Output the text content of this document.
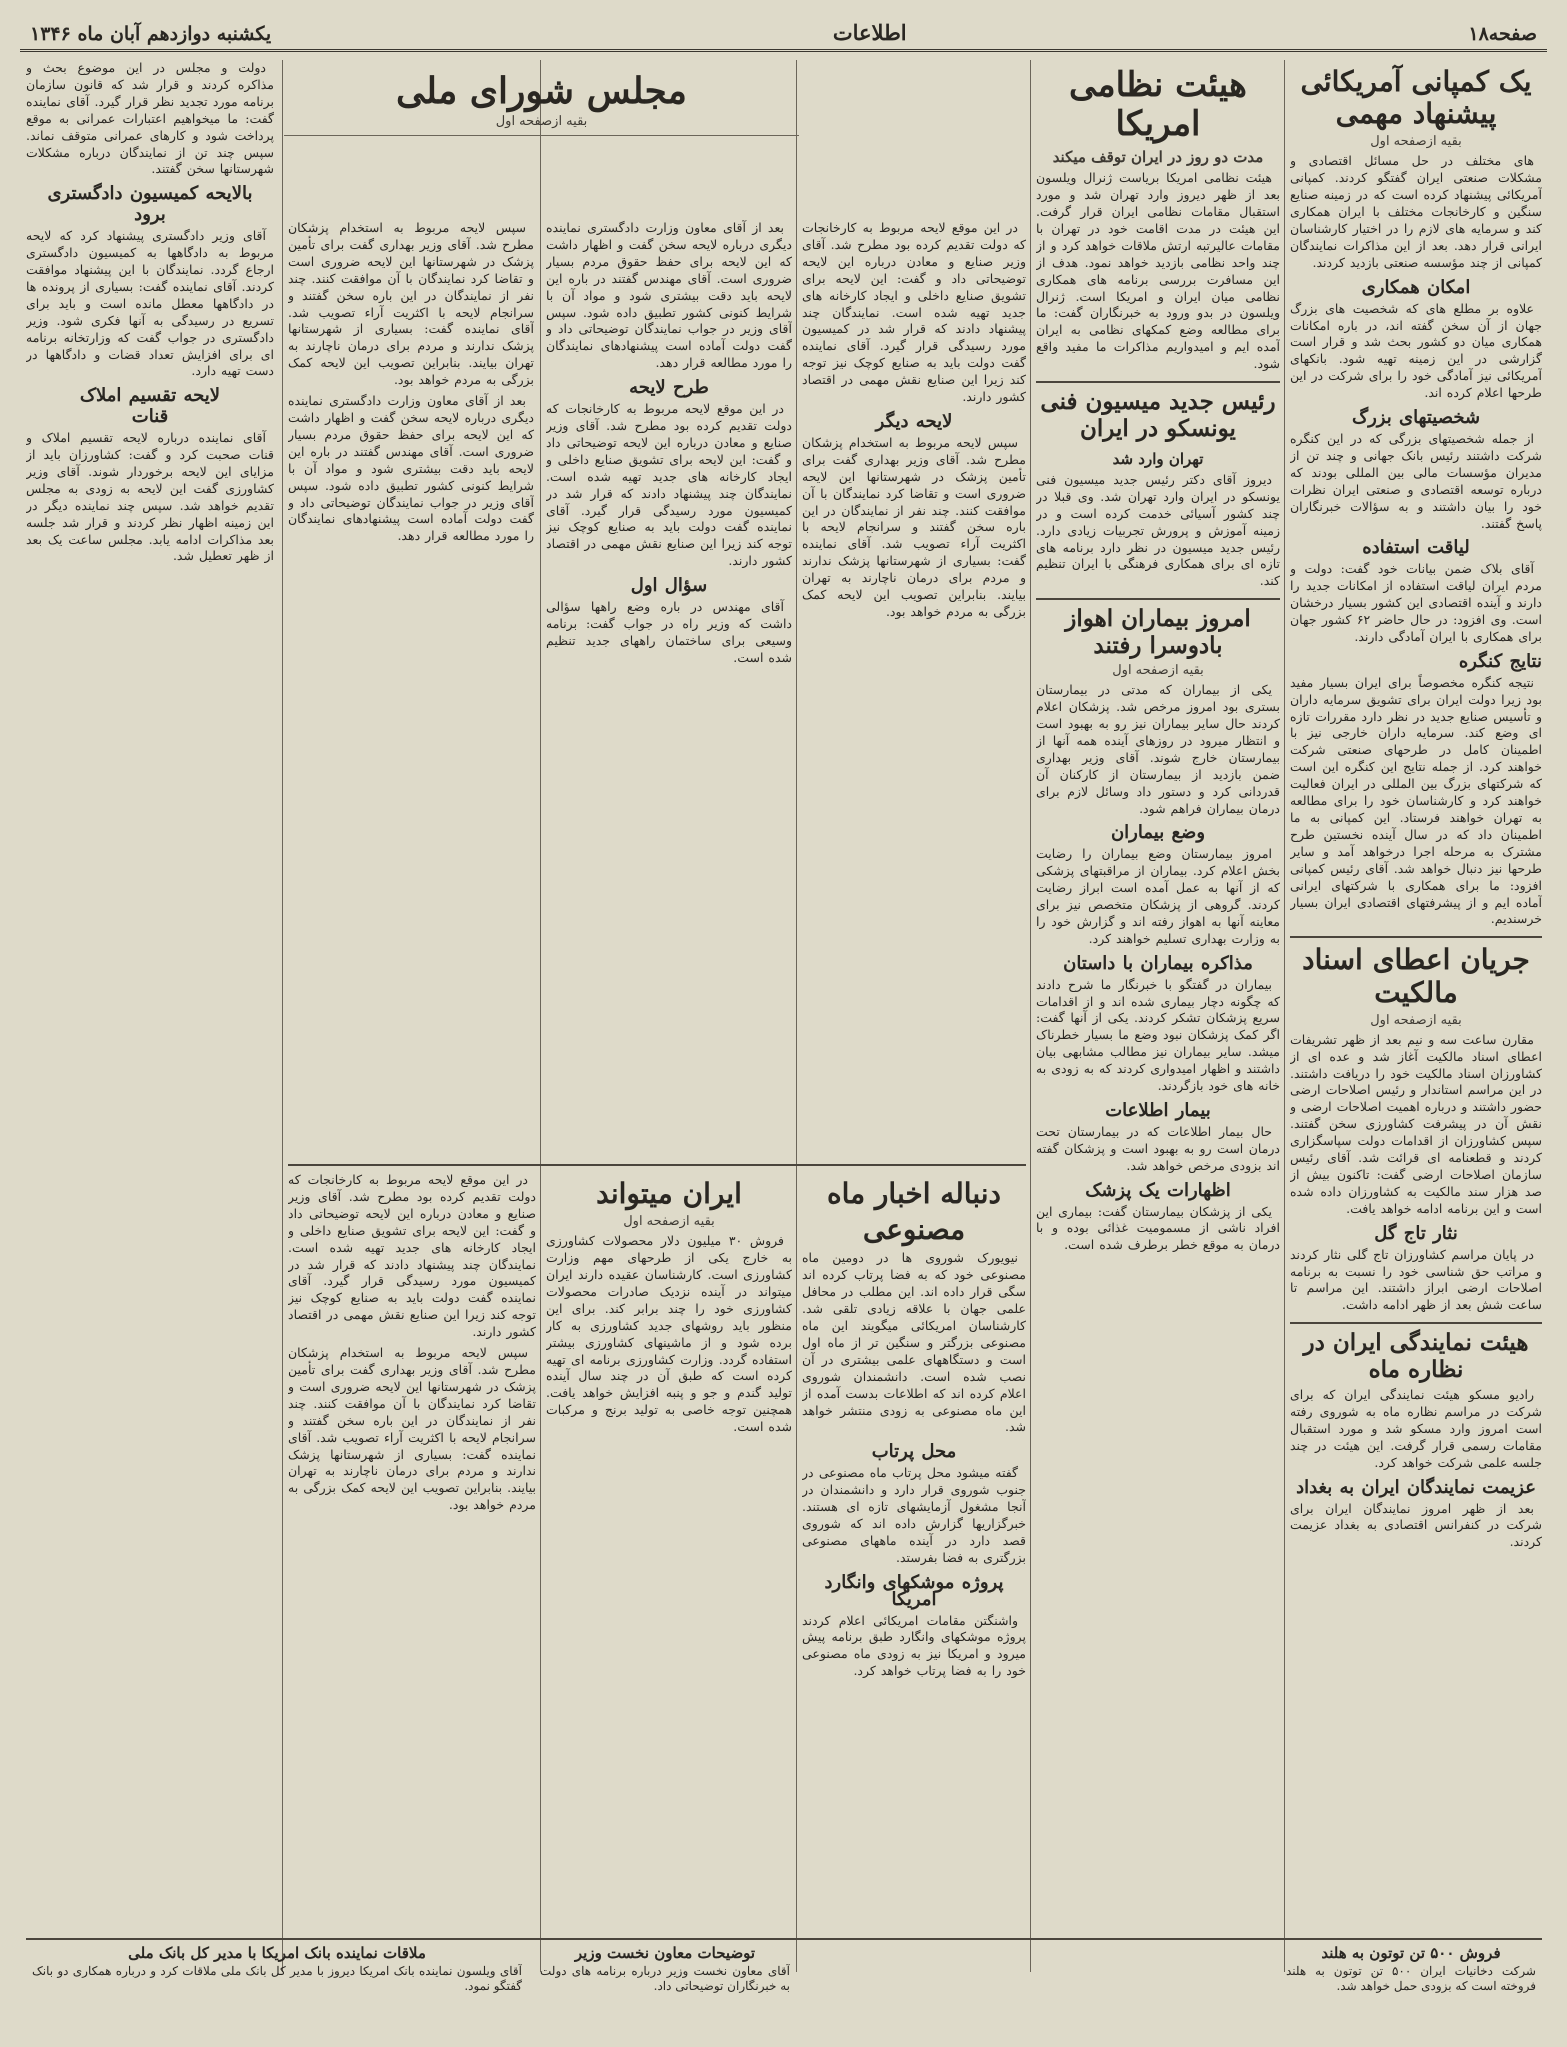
صفحه۱۸
اطلاعات
یکشنبه دوازدهم آبان ماه ۱۳۴۶
یک کمپانی آمریکائی پیشنهاد مهمی
بقیه ازصفحه اول

های مختلف در حل مسائل اقتصادی و مشکلات صنعتی ایران گفتگو کردند. کمپانی آمریکائی پیشنهاد کرده است که در زمینه صنایع سنگین و کارخانجات مختلف با ایران همکاری کند و سرمایه های لازم را در اختیار کارشناسان ایرانی قرار دهد. بعد از این مذاکرات نمایندگان کمپانی از چند مؤسسه صنعتی بازدید کردند.

امکان همکاری

علاوه بر مطلع های که شخصیت های بزرگ جهان از آن سخن گفته اند، در باره امکانات همکاری میان دو کشور بحث شد و قرار است گزارشی در این زمینه تهیه شود. بانکهای آمریکائی نیز آمادگی خود را برای شرکت در این طرحها اعلام کرده اند.

شخصیتهای بزرگ

از جمله شخصیتهای بزرگی که در این کنگره شرکت داشتند رئیس بانک جهانی و چند تن از مدیران مؤسسات مالی بین المللی بودند که درباره توسعه اقتصادی و صنعتی ایران نظرات خود را بیان داشتند و به سؤالات خبرنگاران پاسخ گفتند.

لیاقت استفاده

آقای بلاک ضمن بیانات خود گفت: دولت و مردم ایران لیاقت استفاده از امکانات جدید را دارند و آینده اقتصادی این کشور بسیار درخشان است. وی افزود: در حال حاضر ۶۲ کشور جهان برای همکاری با ایران آمادگی دارند.

نتایج کنگره

نتیجه کنگره مخصوصاً برای ایران بسیار مفید بود زیرا دولت ایران برای تشویق سرمایه داران و تأسیس صنایع جدید در نظر دارد مقررات تازه ای وضع کند. سرمایه داران خارجی نیز با اطمینان کامل در طرحهای صنعتی شرکت خواهند کرد. از جمله نتایج این کنگره این است که شرکتهای بزرگ بین المللی در ایران فعالیت خواهند کرد و کارشناسان خود را برای مطالعه به تهران خواهند فرستاد. این کمپانی به ما اطمینان داد که در سال آینده نخستین طرح مشترک به مرحله اجرا درخواهد آمد و سایر طرحها نیز دنبال خواهد شد. آقای رئیس کمپانی افزود: ما برای همکاری با شرکتهای ایرانی آماده ایم و از پیشرفتهای اقتصادی ایران بسیار خرسندیم.

جریان اعطای اسناد مالکیت
بقیه ازصفحه اول

مقارن ساعت سه و نیم بعد از ظهر تشریفات اعطای اسناد مالکیت آغاز شد و عده ای از کشاورزان اسناد مالکیت خود را دریافت داشتند. در این مراسم استاندار و رئیس اصلاحات ارضی حضور داشتند و درباره اهمیت اصلاحات ارضی و نقش آن در پیشرفت کشاورزی سخن گفتند. سپس کشاورزان از اقدامات دولت سپاسگزاری کردند و قطعنامه ای قرائت شد. آقای رئیس سازمان اصلاحات ارضی گفت: تاکنون بیش از صد هزار سند مالکیت به کشاورزان داده شده است و این برنامه ادامه خواهد یافت.

نثار تاج گل

در پایان مراسم کشاورزان تاج گلی نثار کردند و مراتب حق شناسی خود را نسبت به برنامه اصلاحات ارضی ابراز داشتند. این مراسم تا ساعت شش بعد از ظهر ادامه داشت.

هیئت نمایندگی ایران در نظاره ماه

رادیو مسکو هیئت نمایندگی ایران که برای شرکت در مراسم نظاره ماه به شوروی رفته است امروز وارد مسکو شد و مورد استقبال مقامات رسمی قرار گرفت. این هیئت در چند جلسه علمی شرکت خواهد کرد.

عزیمت نمایندگان ایران به بغداد

بعد از ظهر امروز نمایندگان ایران برای شرکت در کنفرانس اقتصادی به بغداد عزیمت کردند.

هیئت نظامی امریکا
مدت دو روز در ایران توقف میکند

هیئت نظامی امریکا بریاست ژنرال ویلسون بعد از ظهر دیروز وارد تهران شد و مورد استقبال مقامات نظامی ایران قرار گرفت. این هیئت در مدت اقامت خود در تهران با مقامات عالیرتبه ارتش ملاقات خواهد کرد و از چند واحد نظامی بازدید خواهد نمود. هدف از این مسافرت بررسی برنامه های همکاری نظامی میان ایران و امریکا است. ژنرال ویلسون در بدو ورود به خبرنگاران گفت: ما برای مطالعه وضع کمکهای نظامی به ایران آمده ایم و امیدواریم مذاکرات ما مفید واقع شود.

رئیس جدید میسیون فنی یونسکو در ایران
تهران وارد شد

دیروز آقای دکتر رئیس جدید میسیون فنی یونسکو در ایران وارد تهران شد. وی قبلا در چند کشور آسیائی خدمت کرده است و در زمینه آموزش و پرورش تجربیات زیادی دارد. رئیس جدید میسیون در نظر دارد برنامه های تازه ای برای همکاری فرهنگی با ایران تنظیم کند.

امروز بیماران اهواز بادوسرا رفتند
بقیه ازصفحه اول

یکی از بیماران که مدتی در بیمارستان بستری بود امروز مرخص شد. پزشکان اعلام کردند حال سایر بیماران نیز رو به بهبود است و انتظار میرود در روزهای آینده همه آنها از بیمارستان خارج شوند. آقای وزیر بهداری ضمن بازدید از بیمارستان از کارکنان آن قدردانی کرد و دستور داد وسائل لازم برای درمان بیماران فراهم شود.

وضع بیماران

امروز بیمارستان وضع بیماران را رضایت بخش اعلام کرد. بیماران از مراقبتهای پزشکی که از آنها به عمل آمده است ابراز رضایت کردند. گروهی از پزشکان متخصص نیز برای معاینه آنها به اهواز رفته اند و گزارش خود را به وزارت بهداری تسلیم خواهند کرد.

مذاکره بیماران با داستان

بیماران در گفتگو با خبرنگار ما شرح دادند که چگونه دچار بیماری شده اند و از اقدامات سریع پزشکان تشکر کردند. یکی از آنها گفت: اگر کمک پزشکان نبود وضع ما بسیار خطرناک میشد. سایر بیماران نیز مطالب مشابهی بیان داشتند و اظهار امیدواری کردند که به زودی به خانه های خود بازگردند.

بیمار اطلاعات

حال بیمار اطلاعات که در بیمارستان تحت درمان است رو به بهبود است و پزشکان گفته اند بزودی مرخص خواهد شد.

اظهارات یک پزشک

یکی از پزشکان بیمارستان گفت: بیماری این افراد ناشی از مسمومیت غذائی بوده و با درمان به موقع خطر برطرف شده است.

ایران میتواند
بقیه ازصفحه اول

فروش ۳۰ میلیون دلار محصولات کشاورزی به خارج یکی از طرحهای مهم وزارت کشاورزی است. کارشناسان عقیده دارند ایران میتواند در آینده نزدیک صادرات محصولات کشاورزی خود را چند برابر کند. برای این منظور باید روشهای جدید کشاورزی به کار برده شود و از ماشینهای کشاورزی بیشتر استفاده گردد. وزارت کشاورزی برنامه ای تهیه کرده است که طبق آن در چند سال آینده تولید گندم و جو و پنبه افزایش خواهد یافت. همچنین توجه خاصی به تولید برنج و مرکبات شده است.

دنباله اخبار ماه
مصنوعی

نیویورک شوروی ها در دومین ماه مصنوعی خود که به فضا پرتاب کرده اند سگی قرار داده اند. این مطلب در محافل علمی جهان با علاقه زیادی تلقی شد. کارشناسان امریکائی میگویند این ماه مصنوعی بزرگتر و سنگین تر از ماه اول است و دستگاههای علمی بیشتری در آن نصب شده است. دانشمندان شوروی اعلام کرده اند که اطلاعات بدست آمده از این ماه مصنوعی به زودی منتشر خواهد شد.

محل پرتاب

گفته میشود محل پرتاب ماه مصنوعی در جنوب شوروی قرار دارد و دانشمندان در آنجا مشغول آزمایشهای تازه ای هستند. خبرگزاریها گزارش داده اند که شوروی قصد دارد در آینده ماههای مصنوعی بزرگتری به فضا بفرستد.

پروژه موشکهای وانگارد امریکا

واشنگتن مقامات امریکائی اعلام کردند پروژه موشکهای وانگارد طبق برنامه پیش میرود و امریکا نیز به زودی ماه مصنوعی خود را به فضا پرتاب خواهد کرد.

در این موقع لایحه مربوط به کارخانجات که دولت تقدیم کرده بود مطرح شد. آقای وزیر صنایع و معادن درباره این لایحه توضیحاتی داد و گفت: این لایحه برای تشویق صنایع داخلی و ایجاد کارخانه های جدید تهیه شده است. نمایندگان چند پیشنهاد دادند که قرار شد در کمیسیون مورد رسیدگی قرار گیرد. آقای نماینده گفت دولت باید به صنایع کوچک نیز توجه کند زیرا این صنایع نقش مهمی در اقتصاد کشور دارند.

لایحه دیگر

سپس لایحه مربوط به استخدام پزشکان مطرح شد. آقای وزیر بهداری گفت برای تأمین پزشک در شهرستانها این لایحه ضروری است و تقاضا کرد نمایندگان با آن موافقت کنند. چند نفر از نمایندگان در این باره سخن گفتند و سرانجام لایحه با اکثریت آراء تصویب شد. آقای نماینده گفت: بسیاری از شهرستانها پزشک ندارند و مردم برای درمان ناچارند به تهران بیایند. بنابراین تصویب این لایحه کمک بزرگی به مردم خواهد بود.

بعد از آقای معاون وزارت دادگستری نماینده دیگری درباره لایحه سخن گفت و اظهار داشت که این لایحه برای حفظ حقوق مردم بسیار ضروری است. آقای مهندس گفتند در باره این لایحه باید دقت بیشتری شود و مواد آن با شرایط کنونی کشور تطبیق داده شود. سپس آقای وزیر در جواب نمایندگان توضیحاتی داد و گفت دولت آماده است پیشنهادهای نمایندگان را مورد مطالعه قرار دهد.

طرح لایحه

در این موقع لایحه مربوط به کارخانجات که دولت تقدیم کرده بود مطرح شد. آقای وزیر صنایع و معادن درباره این لایحه توضیحاتی داد و گفت: این لایحه برای تشویق صنایع داخلی و ایجاد کارخانه های جدید تهیه شده است. نمایندگان چند پیشنهاد دادند که قرار شد در کمیسیون مورد رسیدگی قرار گیرد. آقای نماینده گفت دولت باید به صنایع کوچک نیز توجه کند زیرا این صنایع نقش مهمی در اقتصاد کشور دارند.

سؤال اول

آقای مهندس در باره وضع راهها سؤالی داشت که وزیر راه در جواب گفت: برنامه وسیعی برای ساختمان راههای جدید تنظیم شده است.

سپس لایحه مربوط به استخدام پزشکان مطرح شد. آقای وزیر بهداری گفت برای تأمین پزشک در شهرستانها این لایحه ضروری است و تقاضا کرد نمایندگان با آن موافقت کنند. چند نفر از نمایندگان در این باره سخن گفتند و سرانجام لایحه با اکثریت آراء تصویب شد. آقای نماینده گفت: بسیاری از شهرستانها پزشک ندارند و مردم برای درمان ناچارند به تهران بیایند. بنابراین تصویب این لایحه کمک بزرگی به مردم خواهد بود.

بعد از آقای معاون وزارت دادگستری نماینده دیگری درباره لایحه سخن گفت و اظهار داشت که این لایحه برای حفظ حقوق مردم بسیار ضروری است. آقای مهندس گفتند در باره این لایحه باید دقت بیشتری شود و مواد آن با شرایط کنونی کشور تطبیق داده شود. سپس آقای وزیر در جواب نمایندگان توضیحاتی داد و گفت دولت آماده است پیشنهادهای نمایندگان را مورد مطالعه قرار دهد.

در این موقع لایحه مربوط به کارخانجات که دولت تقدیم کرده بود مطرح شد. آقای وزیر صنایع و معادن درباره این لایحه توضیحاتی داد و گفت: این لایحه برای تشویق صنایع داخلی و ایجاد کارخانه های جدید تهیه شده است. نمایندگان چند پیشنهاد دادند که قرار شد در کمیسیون مورد رسیدگی قرار گیرد. آقای نماینده گفت دولت باید به صنایع کوچک نیز توجه کند زیرا این صنایع نقش مهمی در اقتصاد کشور دارند.

سپس لایحه مربوط به استخدام پزشکان مطرح شد. آقای وزیر بهداری گفت برای تأمین پزشک در شهرستانها این لایحه ضروری است و تقاضا کرد نمایندگان با آن موافقت کنند. چند نفر از نمایندگان در این باره سخن گفتند و سرانجام لایحه با اکثریت آراء تصویب شد. آقای نماینده گفت: بسیاری از شهرستانها پزشک ندارند و مردم برای درمان ناچارند به تهران بیایند. بنابراین تصویب این لایحه کمک بزرگی به مردم خواهد بود.

مجلس شورای ملی
بقیه ازصفحه اول

دولت و مجلس در این موضوع بحث و مذاکره کردند و قرار شد که قانون سازمان برنامه مورد تجدید نظر قرار گیرد. آقای نماینده گفت: ما میخواهیم اعتبارات عمرانی به موقع پرداخت شود و کارهای عمرانی متوقف نماند. سپس چند تن از نمایندگان درباره مشکلات شهرستانها سخن گفتند.

بالایحه کمیسیون دادگستری
برود

آقای وزیر دادگستری پیشنهاد کرد که لایحه مربوط به دادگاهها به کمیسیون دادگستری ارجاع گردد. نمایندگان با این پیشنهاد موافقت کردند. آقای نماینده گفت: بسیاری از پرونده ها در دادگاهها معطل مانده است و باید برای تسریع در رسیدگی به آنها فکری شود. وزیر دادگستری در جواب گفت که وزارتخانه برنامه ای برای افزایش تعداد قضات و دادگاهها در دست تهیه دارد.

لایحه تقسیم املاک
قنات

آقای نماینده درباره لایحه تقسیم املاک و قنات صحبت کرد و گفت: کشاورزان باید از مزایای این لایحه برخوردار شوند. آقای وزیر کشاورزی گفت این لایحه به زودی به مجلس تقدیم خواهد شد. سپس چند نماینده دیگر در این زمینه اظهار نظر کردند و قرار شد جلسه بعد مذاکرات ادامه یابد. مجلس ساعت یک بعد از ظهر تعطیل شد.

ملاقات نماینده بانک امریکا با مدیر کل بانک ملی
آقای ویلسون نماینده بانک امریکا دیروز با مدیر کل بانک ملی ملاقات کرد و درباره همکاری دو بانک گفتگو نمود.
توضیحات معاون نخست وزیر
آقای معاون نخست وزیر درباره برنامه های دولت به خبرنگاران توضیحاتی داد.
فروش ۵۰۰ تن توتون به هلند
شرکت دخانیات ایران ۵۰۰ تن توتون به هلند فروخته است که بزودی حمل خواهد شد.
